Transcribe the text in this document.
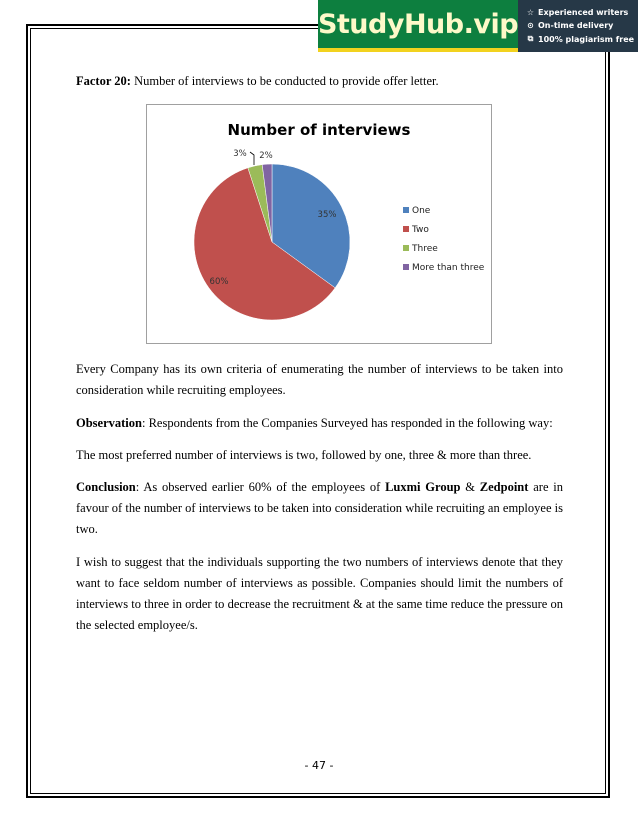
StudyHub.vip ☆ Experienced writers
⊙ On-time delivery
⧉ 100% plagiarism free
Factor 20: Number of interviews to be conducted to provide offer letter.
Number of interviews
35%
60%
3% 2%
One
Two
Three
More than three

Every Company has its own criteria of enumerating the number of interviews to be taken into consideration while recruiting employees.

Observation: Respondents from the Companies Surveyed has responded in the following way:

The most preferred number of interviews is two, followed by one, three & more than three.

Conclusion: As observed earlier 60% of the employees of Luxmi Group & Zedpoint are in favour of the number of interviews to be taken into consideration while recruiting an employee is two.

I wish to suggest that the individuals supporting the two numbers of interviews denote that they want to face seldom number of interviews as possible. Companies should limit the numbers of interviews to three in order to decrease the recruitment & at the same time reduce the pressure on the selected employee/s.

- 47 -
